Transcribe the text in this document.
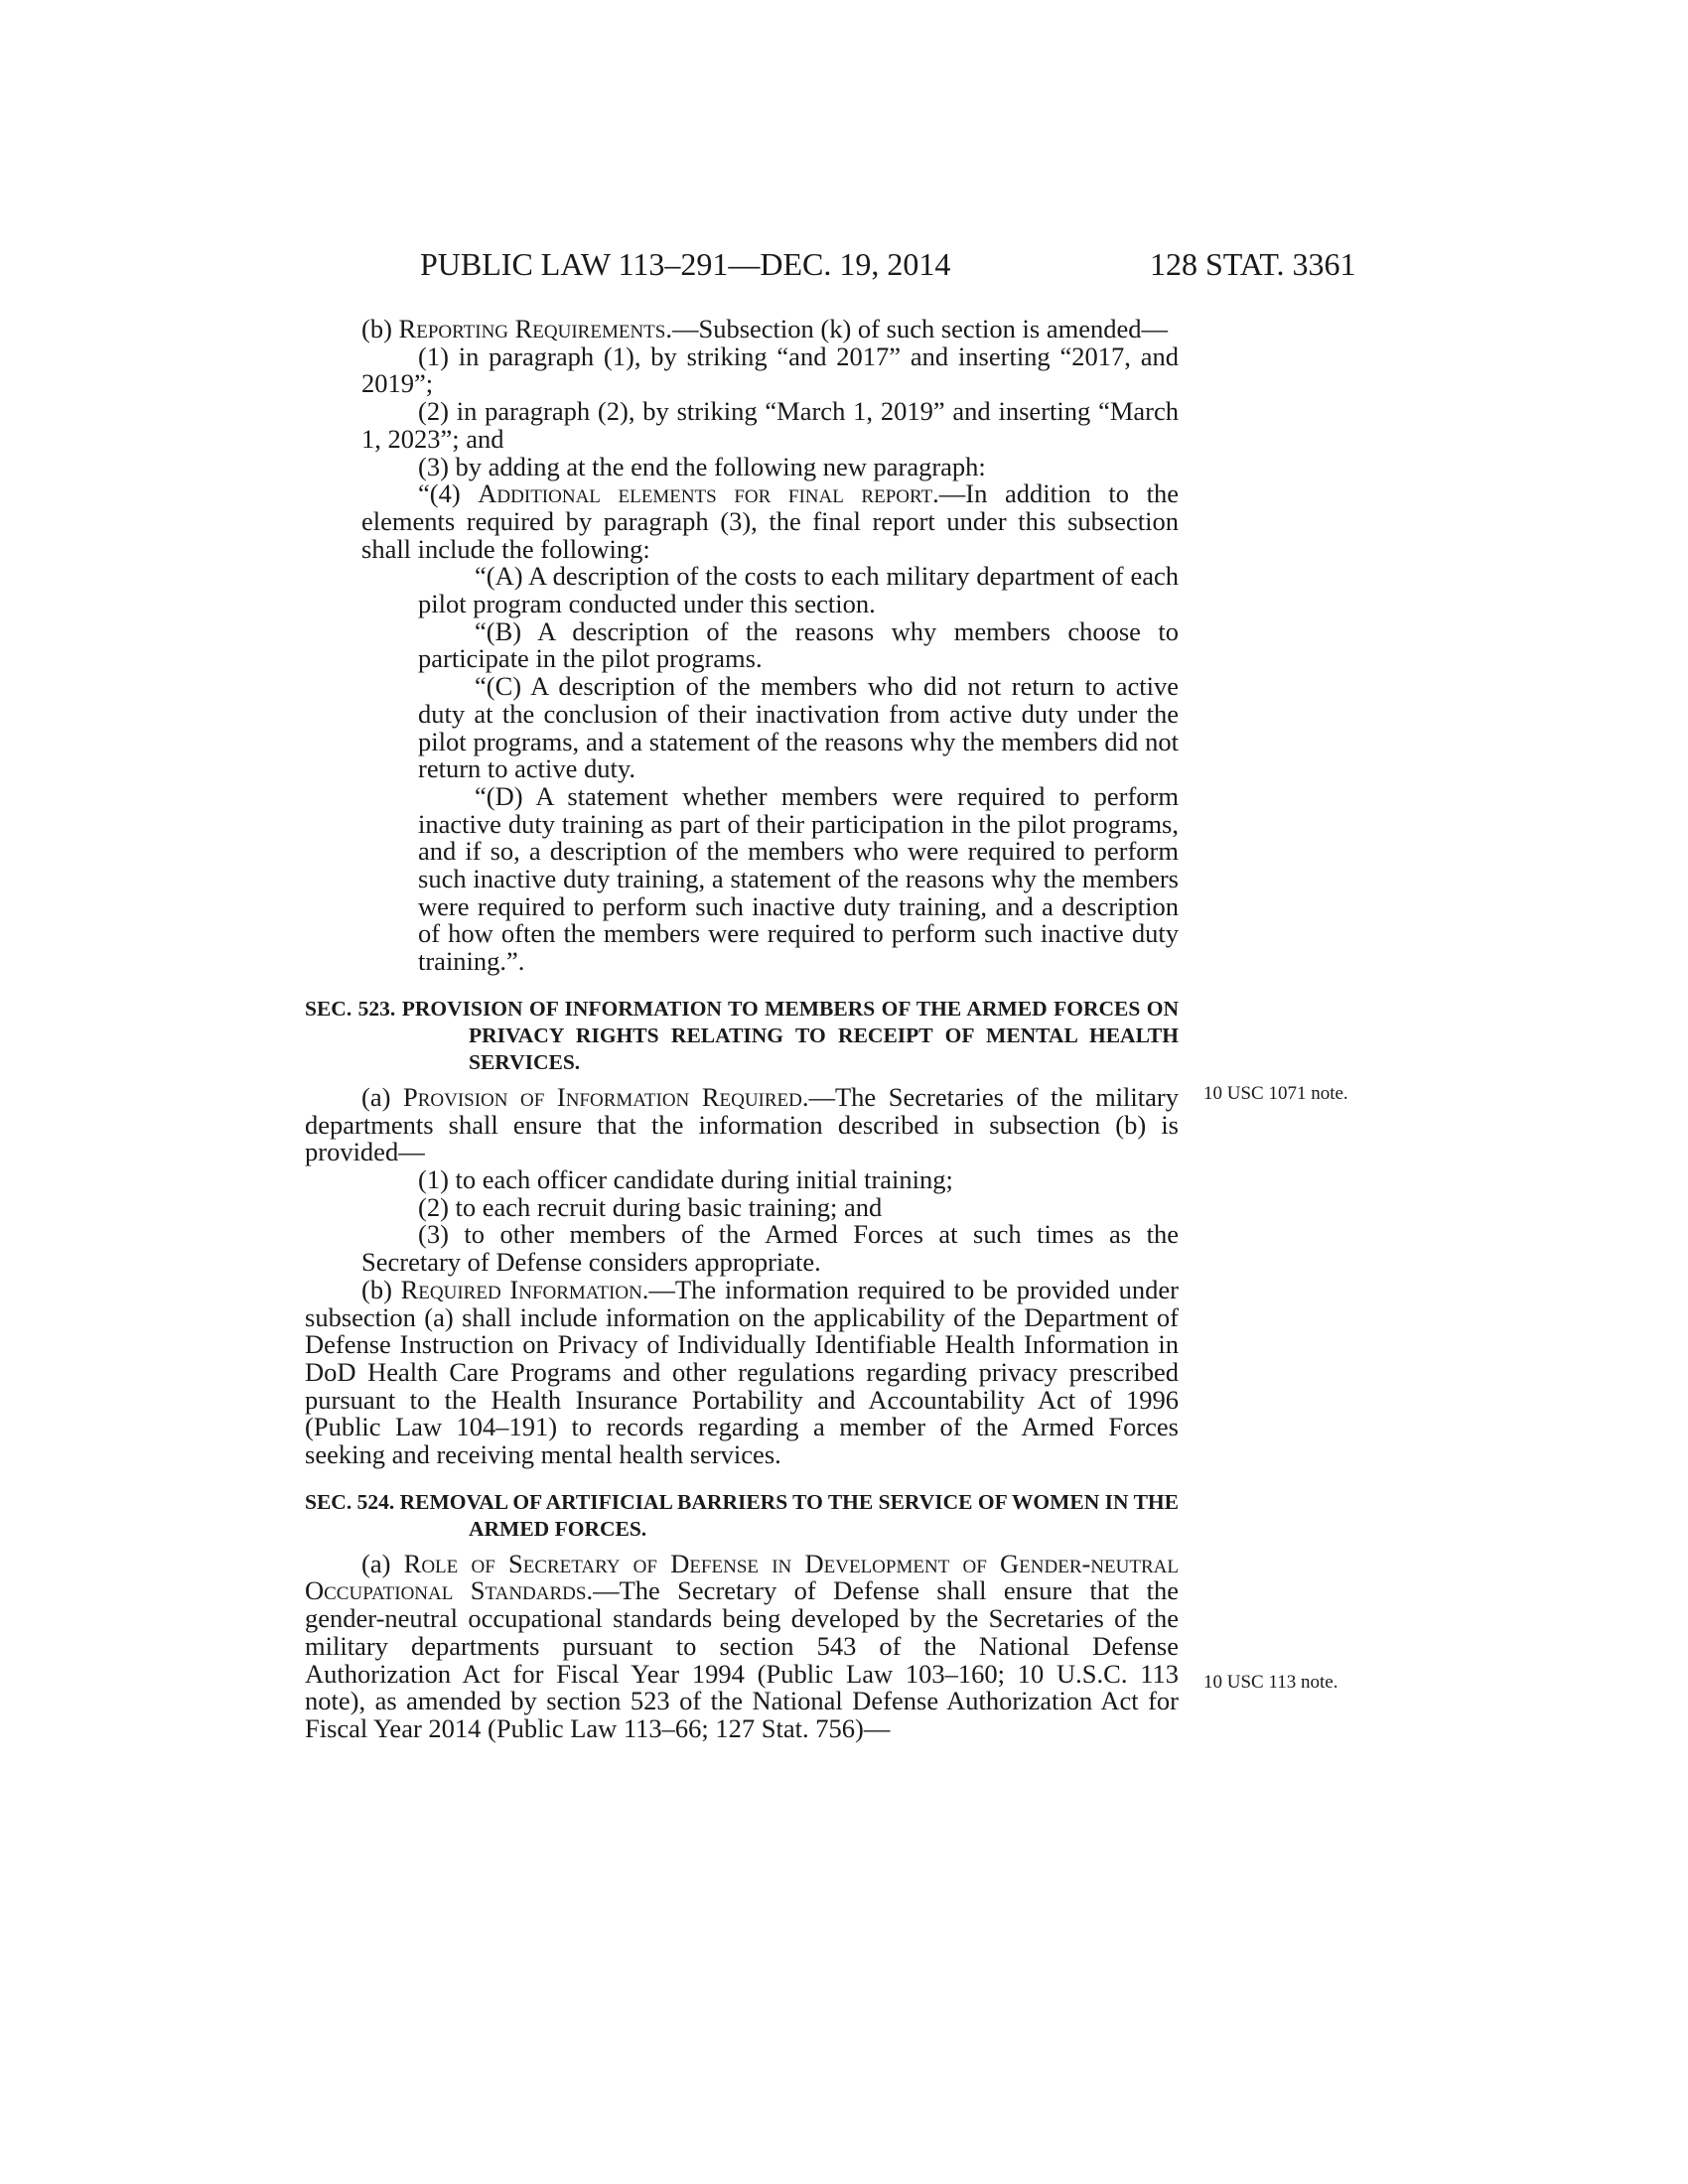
PUBLIC LAW 113–291—DEC. 19, 2014	128 STAT. 3361

(b) Reporting Requirements.—Subsection (k) of such section is amended—

(1) in paragraph (1), by striking “and 2017” and inserting “2017, and 2019”;

(2) in paragraph (2), by striking “March 1, 2019” and inserting “March 1, 2023”; and

(3) by adding at the end the following new paragraph:

“(4) Additional elements for final report.—In addition to the elements required by paragraph (3), the final report under this subsection shall include the following:

“(A) A description of the costs to each military department of each pilot program conducted under this section.

“(B) A description of the reasons why members choose to participate in the pilot programs.

“(C) A description of the members who did not return to active duty at the conclusion of their inactivation from active duty under the pilot programs, and a statement of the reasons why the members did not return to active duty.

“(D) A statement whether members were required to perform inactive duty training as part of their participation in the pilot programs, and if so, a description of the members who were required to perform such inactive duty training, a statement of the reasons why the members were required to perform such inactive duty training, and a description of how often the members were required to perform such inactive duty training.”.

SEC. 523. PROVISION OF INFORMATION TO MEMBERS OF THE ARMED FORCES ON PRIVACY RIGHTS RELATING TO RECEIPT OF MENTAL HEALTH SERVICES.

(a) Provision of Information Required.—The Secretaries of the military departments shall ensure that the information described in subsection (b) is provided—

(1) to each officer candidate during initial training;

(2) to each recruit during basic training; and

(3) to other members of the Armed Forces at such times as the Secretary of Defense considers appropriate.

(b) Required Information.—The information required to be provided under subsection (a) shall include information on the applicability of the Department of Defense Instruction on Privacy of Individually Identifiable Health Information in DoD Health Care Programs and other regulations regarding privacy prescribed pursuant to the Health Insurance Portability and Accountability Act of 1996 (Public Law 104–191) to records regarding a member of the Armed Forces seeking and receiving mental health services.

SEC. 524. REMOVAL OF ARTIFICIAL BARRIERS TO THE SERVICE OF WOMEN IN THE ARMED FORCES.

(a) Role of Secretary of Defense in Development of Gender-neutral Occupational Standards.—The Secretary of Defense shall ensure that the gender-neutral occupational standards being developed by the Secretaries of the military departments pursuant to section 543 of the National Defense Authorization Act for Fiscal Year 1994 (Public Law 103–160; 10 U.S.C. 113 note), as amended by section 523 of the National Defense Authorization Act for Fiscal Year 2014 (Public Law 113–66; 127 Stat. 756)—

10 USC 1071 note.
10 USC 113 note.
